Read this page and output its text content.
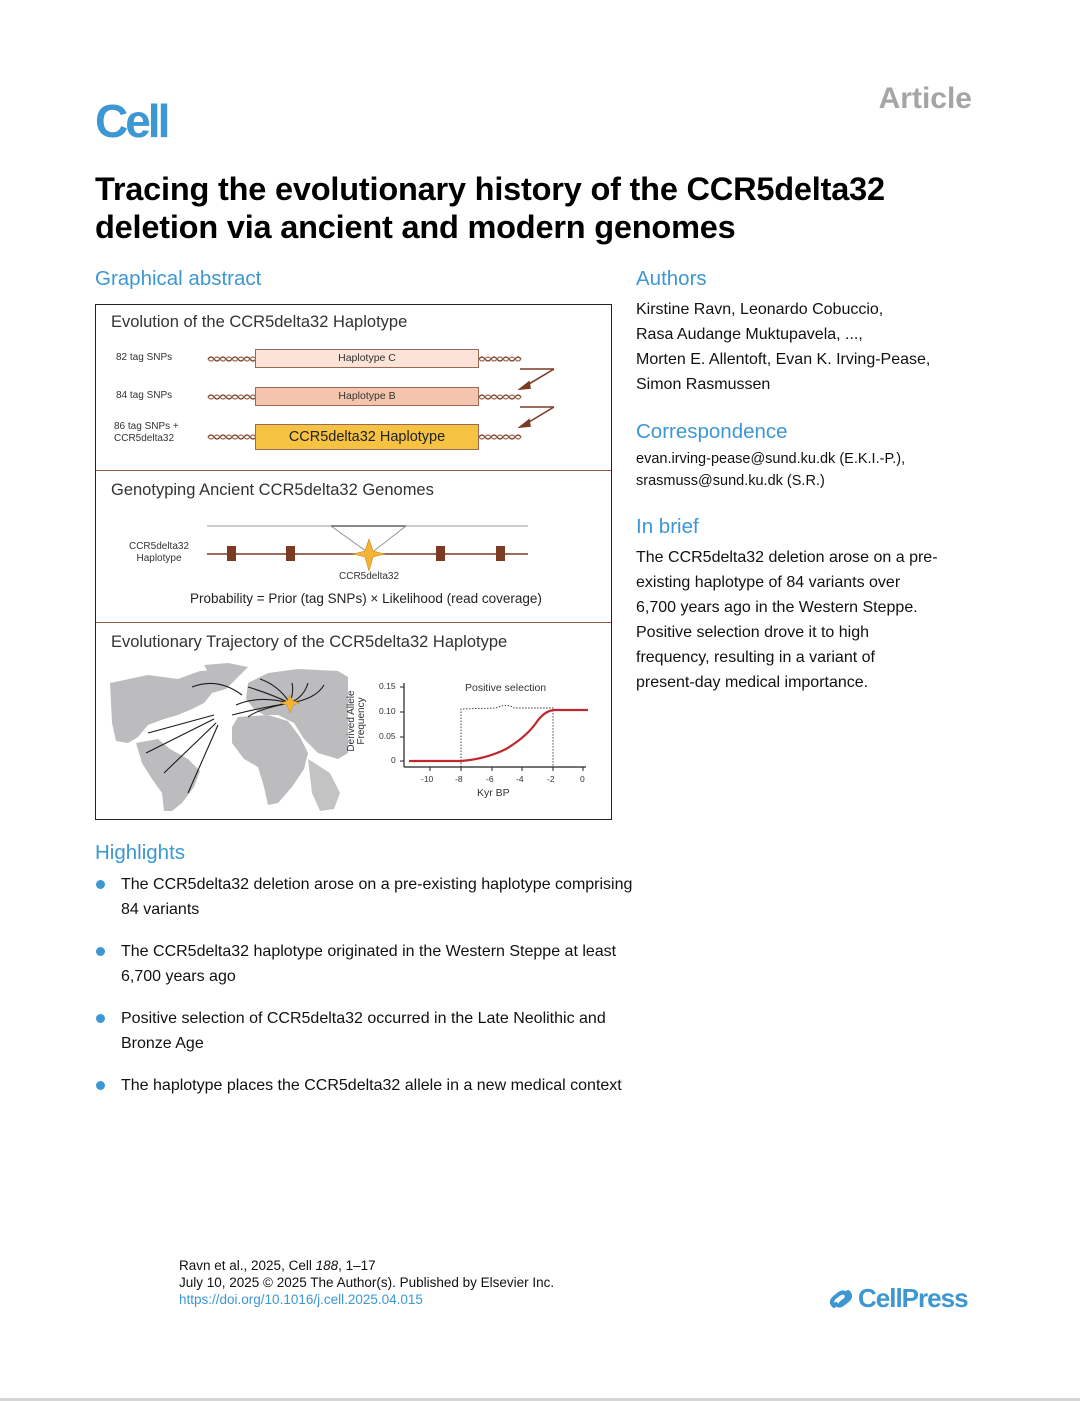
Cell	Article
Tracing the evolutionary history of the CCR5delta32 deletion via ancient and modern genomes
Graphical abstract
Evolution of the CCR5delta32 Haplotype
82 tag SNPs
84 tag SNPs
86 tag SNPs +
CCR5delta32
Haplotype C
Haplotype B
CCR5delta32 Haplotype
Genotyping Ancient CCR5delta32 Genomes
CCR5delta32
Haplotype
CCR5delta32
Probability = Prior (tag SNPs) × Likelihood (read coverage)
Evolutionary Trajectory of the CCR5delta32 Haplotype
Derived Allele Frequency
0.15
0.10
0.05
0
-10	-8	-6	-4	-2	0
Kyr BP
Positive selection
Authors
Kirstine Ravn, Leonardo Cobuccio,
Rasa Audange Muktupavela, ...,
Morten E. Allentoft, Evan K. Irving-Pease,
Simon Rasmussen
Correspondence
evan.irving-pease@sund.ku.dk (E.K.I.-P.),
srasmuss@sund.ku.dk (S.R.)
In brief
The CCR5delta32 deletion arose on a pre-
existing haplotype of 84 variants over
6,700 years ago in the Western Steppe.
Positive selection drove it to high
frequency, resulting in a variant of
present-day medical importance.
Highlights
The CCR5delta32 deletion arose on a pre-existing haplotype comprising 84 variants
The CCR5delta32 haplotype originated in the Western Steppe at least 6,700 years ago
Positive selection of CCR5delta32 occurred in the Late Neolithic and Bronze Age
The haplotype places the CCR5delta32 allele in a new medical context
Ravn et al., 2025, Cell 188, 1–17
July 10, 2025 © 2025 The Author(s). Published by Elsevier Inc.
https://doi.org/10.1016/j.cell.2025.04.015	CellPress
